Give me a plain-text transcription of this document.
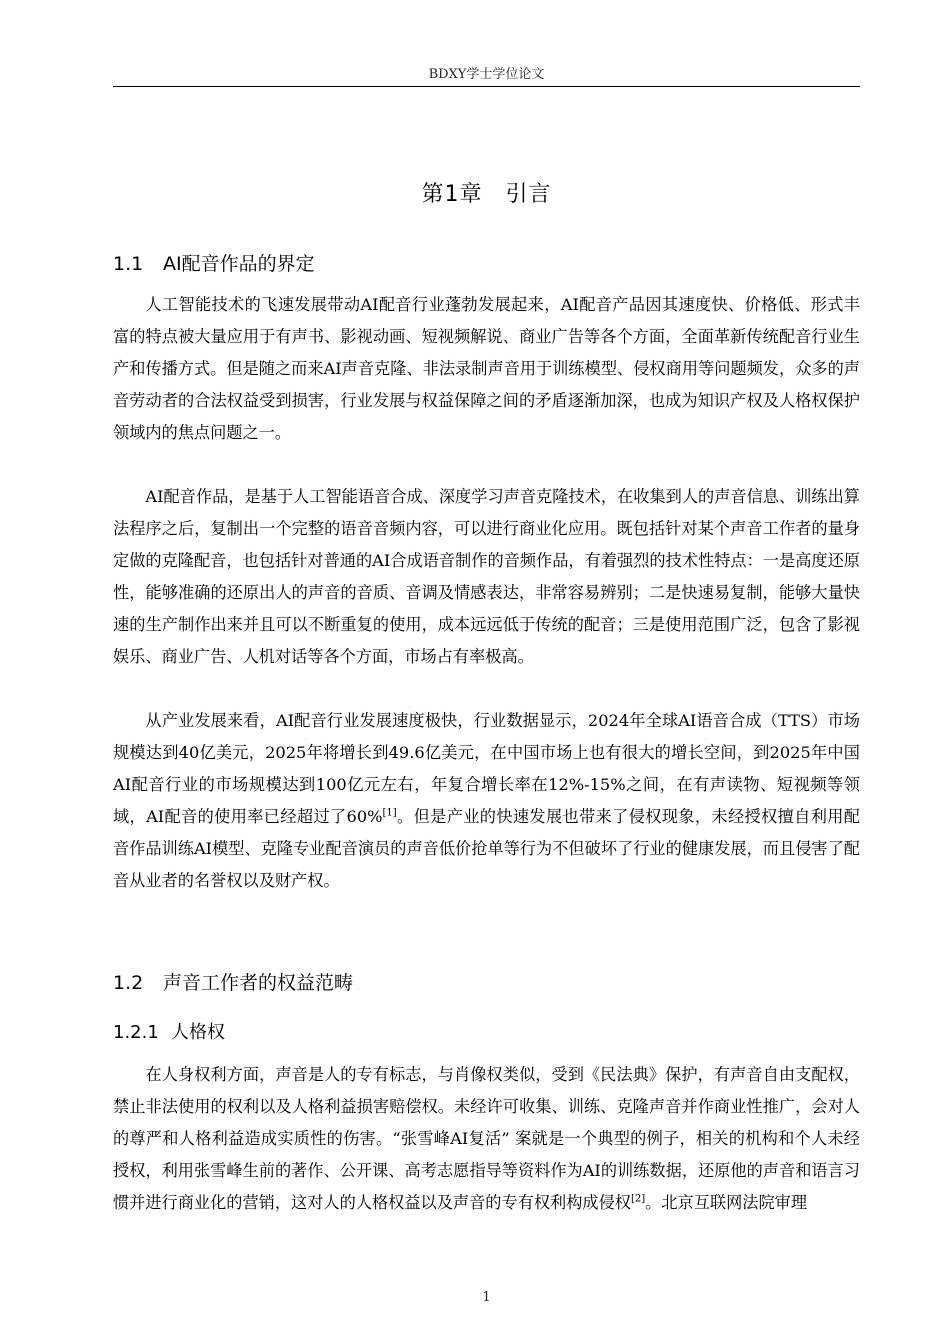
BDXY学士学位论文
第1章　引言
1.1 AI配音作品的界定

人工智能技术的飞速发展带动AI配音行业蓬勃发展起来，AI配音产品因其速度快、价格低、形式丰富的特点被大量应用于有声书、影视动画、短视频解说、商业广告等各个方面，全面革新传统配音行业生产和传播方式。但是随之而来AI声音克隆、非法录制声音用于训练模型、侵权商用等问题频发，众多的声音劳动者的合法权益受到损害，行业发展与权益保障之间的矛盾逐渐加深，也成为知识产权及人格权保护领域内的焦点问题之一。

AI配音作品，是基于人工智能语音合成、深度学习声音克隆技术，在收集到人的声音信息、训练出算法程序之后，复制出一个完整的语音音频内容，可以进行商业化应用。既包括针对某个声音工作者的量身定做的克隆配音，也包括针对普通的AI合成语音制作的音频作品，有着强烈的技术性特点：一是高度还原性，能够准确的还原出人的声音的音质、音调及情感表达，非常容易辨别；二是快速易复制，能够大量快速的生产制作出来并且可以不断重复的使用，成本远远低于传统的配音；三是使用范围广泛，包含了影视娱乐、商业广告、人机对话等各个方面，市场占有率极高。

从产业发展来看，AI配音行业发展速度极快，行业数据显示，2024年全球AI语音合成（TTS）市场规模达到40亿美元，2025年将增长到49.6亿美元，在中国市场上也有很大的增长空间，到2025年中国AI配音行业的市场规模达到100亿元左右，年复合增长率在12%-15%之间，在有声读物、短视频等领域，AI配音的使用率已经超过了60%[1]。但是产业的快速发展也带来了侵权现象，未经授权擅自利用配音作品训练AI模型、克隆专业配音演员的声音低价抢单等行为不但破坏了行业的健康发展，而且侵害了配音从业者的名誉权以及财产权。

1.2 声音工作者的权益范畴
1.2.1 人格权

在人身权利方面，声音是人的专有标志，与肖像权类似，受到《民法典》保护，有声音自由支配权，禁止非法使用的权利以及人格利益损害赔偿权。未经许可收集、训练、克隆声音并作商业性推广，会对人的尊严和人格利益造成实质性的伤害。“张雪峰AI复活” 案就是一个典型的例子，相关的机构和个人未经授权，利用张雪峰生前的著作、公开课、高考志愿指导等资料作为AI的训练数据，还原他的声音和语言习惯并进行商业化的营销，这对人的人格权益以及声音的专有权利构成侵权[2]。北京互联网法院审理

1
